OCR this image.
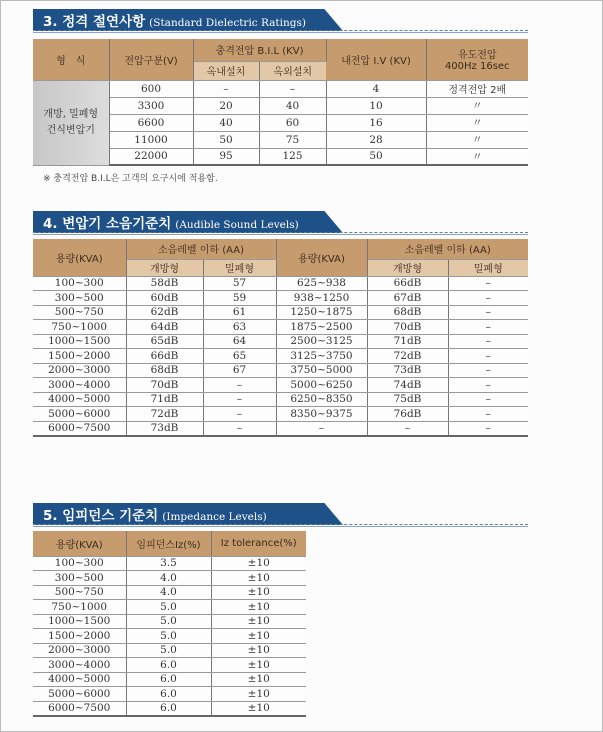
3. 정격 절연사항 (Standard Dielectric Ratings)
형　식	전압구분(V)	충격전압 B.I.L (KV)		내전압 I.V (KV)	유도전압
400Hz 16sec
		옥내설치	옥외설치		
개방, 밀폐형 건식변압기	600	–	–	4	정격전압 2배
	3300	20	40	10	〃
	6600	40	60	16	〃
	11000	50	75	28	〃
	22000	95	125	50	〃
※ 충격전압 B.I.L은 고객의 요구시에 적용함.
4. 변압기 소음기준치 (Audible Sound Levels)
용량(KVA)	소음레벨 이하 (AA)		용량(KVA)	소음레벨 이하 (AA)	
	개방형	밀폐형		개방형	밀폐형
100~300	58dB	57	625~938	66dB	–
300~500	60dB	59	938~1250	67dB	–
500~750	62dB	61	1250~1875	68dB	–
750~1000	64dB	63	1875~2500	70dB	–
1000~1500	65dB	64	2500~3125	71dB	–
1500~2000	66dB	65	3125~3750	72dB	–
2000~3000	68dB	67	3750~5000	73dB	–
3000~4000	70dB	–	5000~6250	74dB	–
4000~5000	71dB	–	6250~8350	75dB	–
5000~6000	72dB	–	8350~9375	76dB	–
6000~7500	73dB	–	–	–	–
5. 임피던스 기준치 (Impedance Levels)
용량(KVA)	임피던스Iz(%)	Iz tolerance(%)
100~300	3.5	±10
300~500	4.0	±10
500~750	4.0	±10
750~1000	5.0	±10
1000~1500	5.0	±10
1500~2000	5.0	±10
2000~3000	5.0	±10
3000~4000	6.0	±10
4000~5000	6.0	±10
5000~6000	6.0	±10
6000~7500	6.0	±10
